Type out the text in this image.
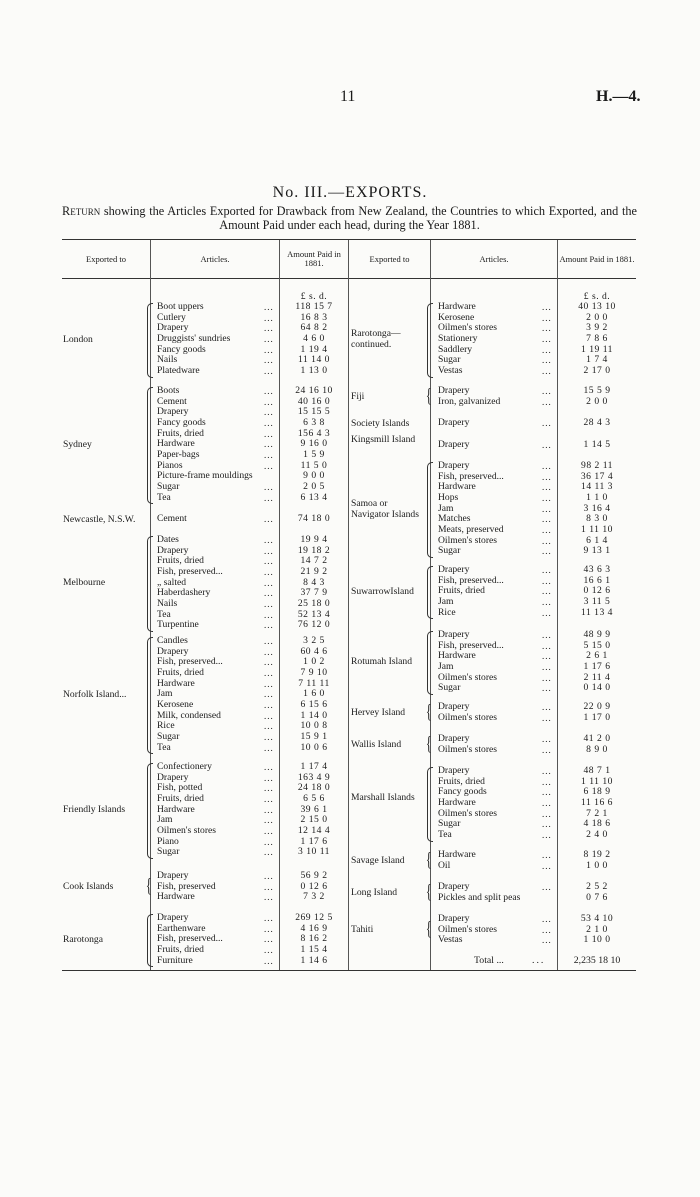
11	H.—4.
No. III.—EXPORTS.
Return showing the Articles Exported for Drawback from New Zealand, the Countries to which Exported, and the Amount Paid under each head, during the Year 1881.
Exported to	Articles.	Amount Paid in 1881.	Exported to	Articles.	Amount Paid in 1881.
£ s. d.	£ s. d.
London
Boot uppers	...	118 15 7
Cutlery	...	16 8 3
Drapery	...	64 8 2
Druggists' sundries	...	4 6 0
Fancy goods	...	1 19 4
Nails	...	11 14 0
Platedware	...	1 13 0
Sydney
Boots	...	24 16 10
Cement	...	40 16 0
Drapery	...	15 15 5
Fancy goods	...	6 3 8
Fruits, dried	...	156 4 3
Hardware	...	9 16 0
Paper-bags	...	1 5 9
Pianos	...	11 5 0
Picture-frame mouldings	9 0 0
Sugar	...	2 0 5
Tea	...	6 13 4
Newcastle, N.S.W.	Cement	...	74 18 0
Melbourne
Dates	...	19 9 4
Drapery	...	19 18 2
Fruits, dried	...	14 7 2
Fish, preserved...	...	21 9 2
„ salted	...	8 4 3
Haberdashery	...	37 7 9
Nails	...	25 18 0
Tea	...	52 13 4
Turpentine	...	76 12 0
Norfolk Island...
Candles	...	3 2 5
Drapery	...	60 4 6
Fish, preserved...	...	1 0 2
Fruits, dried	...	7 9 10
Hardware	...	7 11 11
Jam	...	1 6 0
Kerosene	...	6 15 6
Milk, condensed	...	1 14 0
Rice	...	10 0 8
Sugar	...	15 9 1
Tea	...	10 0 6
Friendly Islands
Confectionery	...	1 17 4
Drapery	...	163 4 9
Fish, potted	...	24 18 0
Fruits, dried	...	6 5 6
Hardware	...	39 6 1
Jam	...	2 15 0
Oilmen's stores	...	12 14 4
Piano	...	1 17 6
Sugar	...	3 10 11
Cook Islands	{ Drapery	...	56 9 2
Fish, preserved	...	0 12 6
Hardware	...	7 3 2
Rarotonga
Drapery	...	269 12 5
Earthenware	...	4 16 9
Fish, preserved...	...	8 16 2
Fruits, dried	...	1 15 4
Furniture	...	1 14 6
Rarotonga— continued.
Hardware	...	40 13 10
Kerosene	...	2 0 0
Oilmen's stores	...	3 9 2
Stationery	...	7 8 6
Saddlery	...	1 19 11
Sugar	...	1 7 4
Vestas	...	2 17 0
Fiji	{ Drapery	...	15 5 9
Iron, galvanized	...	2 0 0
Society Islands	Drapery	...	28 4 3
Kingsmill Island	Drapery	...	1 14 5
Samoa or Navigator Islands
Drapery	...	98 2 11
Fish, preserved...	...	36 17 4
Hardware	...	14 11 3
Hops	...	1 1 0
Jam	...	3 16 4
Matches	...	8 3 0
Meats, preserved	...	1 11 10
Oilmen's stores	...	6 1 4
Sugar	...	9 13 1
SuwarrowIsland
Drapery	...	43 6 3
Fish, preserved...	...	16 6 1
Fruits, dried	...	0 12 6
Jam	...	3 11 5
Rice	...	11 13 4
Rotumah Island
Drapery	...	48 9 9
Fish, preserved...	...	5 15 0
Hardware	...	2 6 1
Jam	...	1 17 6
Oilmen's stores	...	2 11 4
Sugar	...	0 14 0
Hervey Island	{ Drapery	...	22 0 9
Oilmen's stores	...	1 17 0
Wallis Island	{ Drapery	...	41 2 0
Oilmen's stores	...	8 9 0
Marshall Islands
Drapery	...	48 7 1
Fruits, dried	...	1 11 10
Fancy goods	...	6 18 9
Hardware	...	11 16 6
Oilmen's stores	...	7 2 1
Sugar	...	4 18 6
Tea	...	2 4 0
Savage Island	{ Hardware	...	8 19 2
Oil	...	1 0 0
Long Island	{ Drapery	...	2 5 2
Pickles and split peas	0 7 6
Tahiti	{ Drapery	...	53 4 10
Oilmen's stores	...	2 1 0
Vestas	...	1 10 0
Total ...	...	2,235 18 10
